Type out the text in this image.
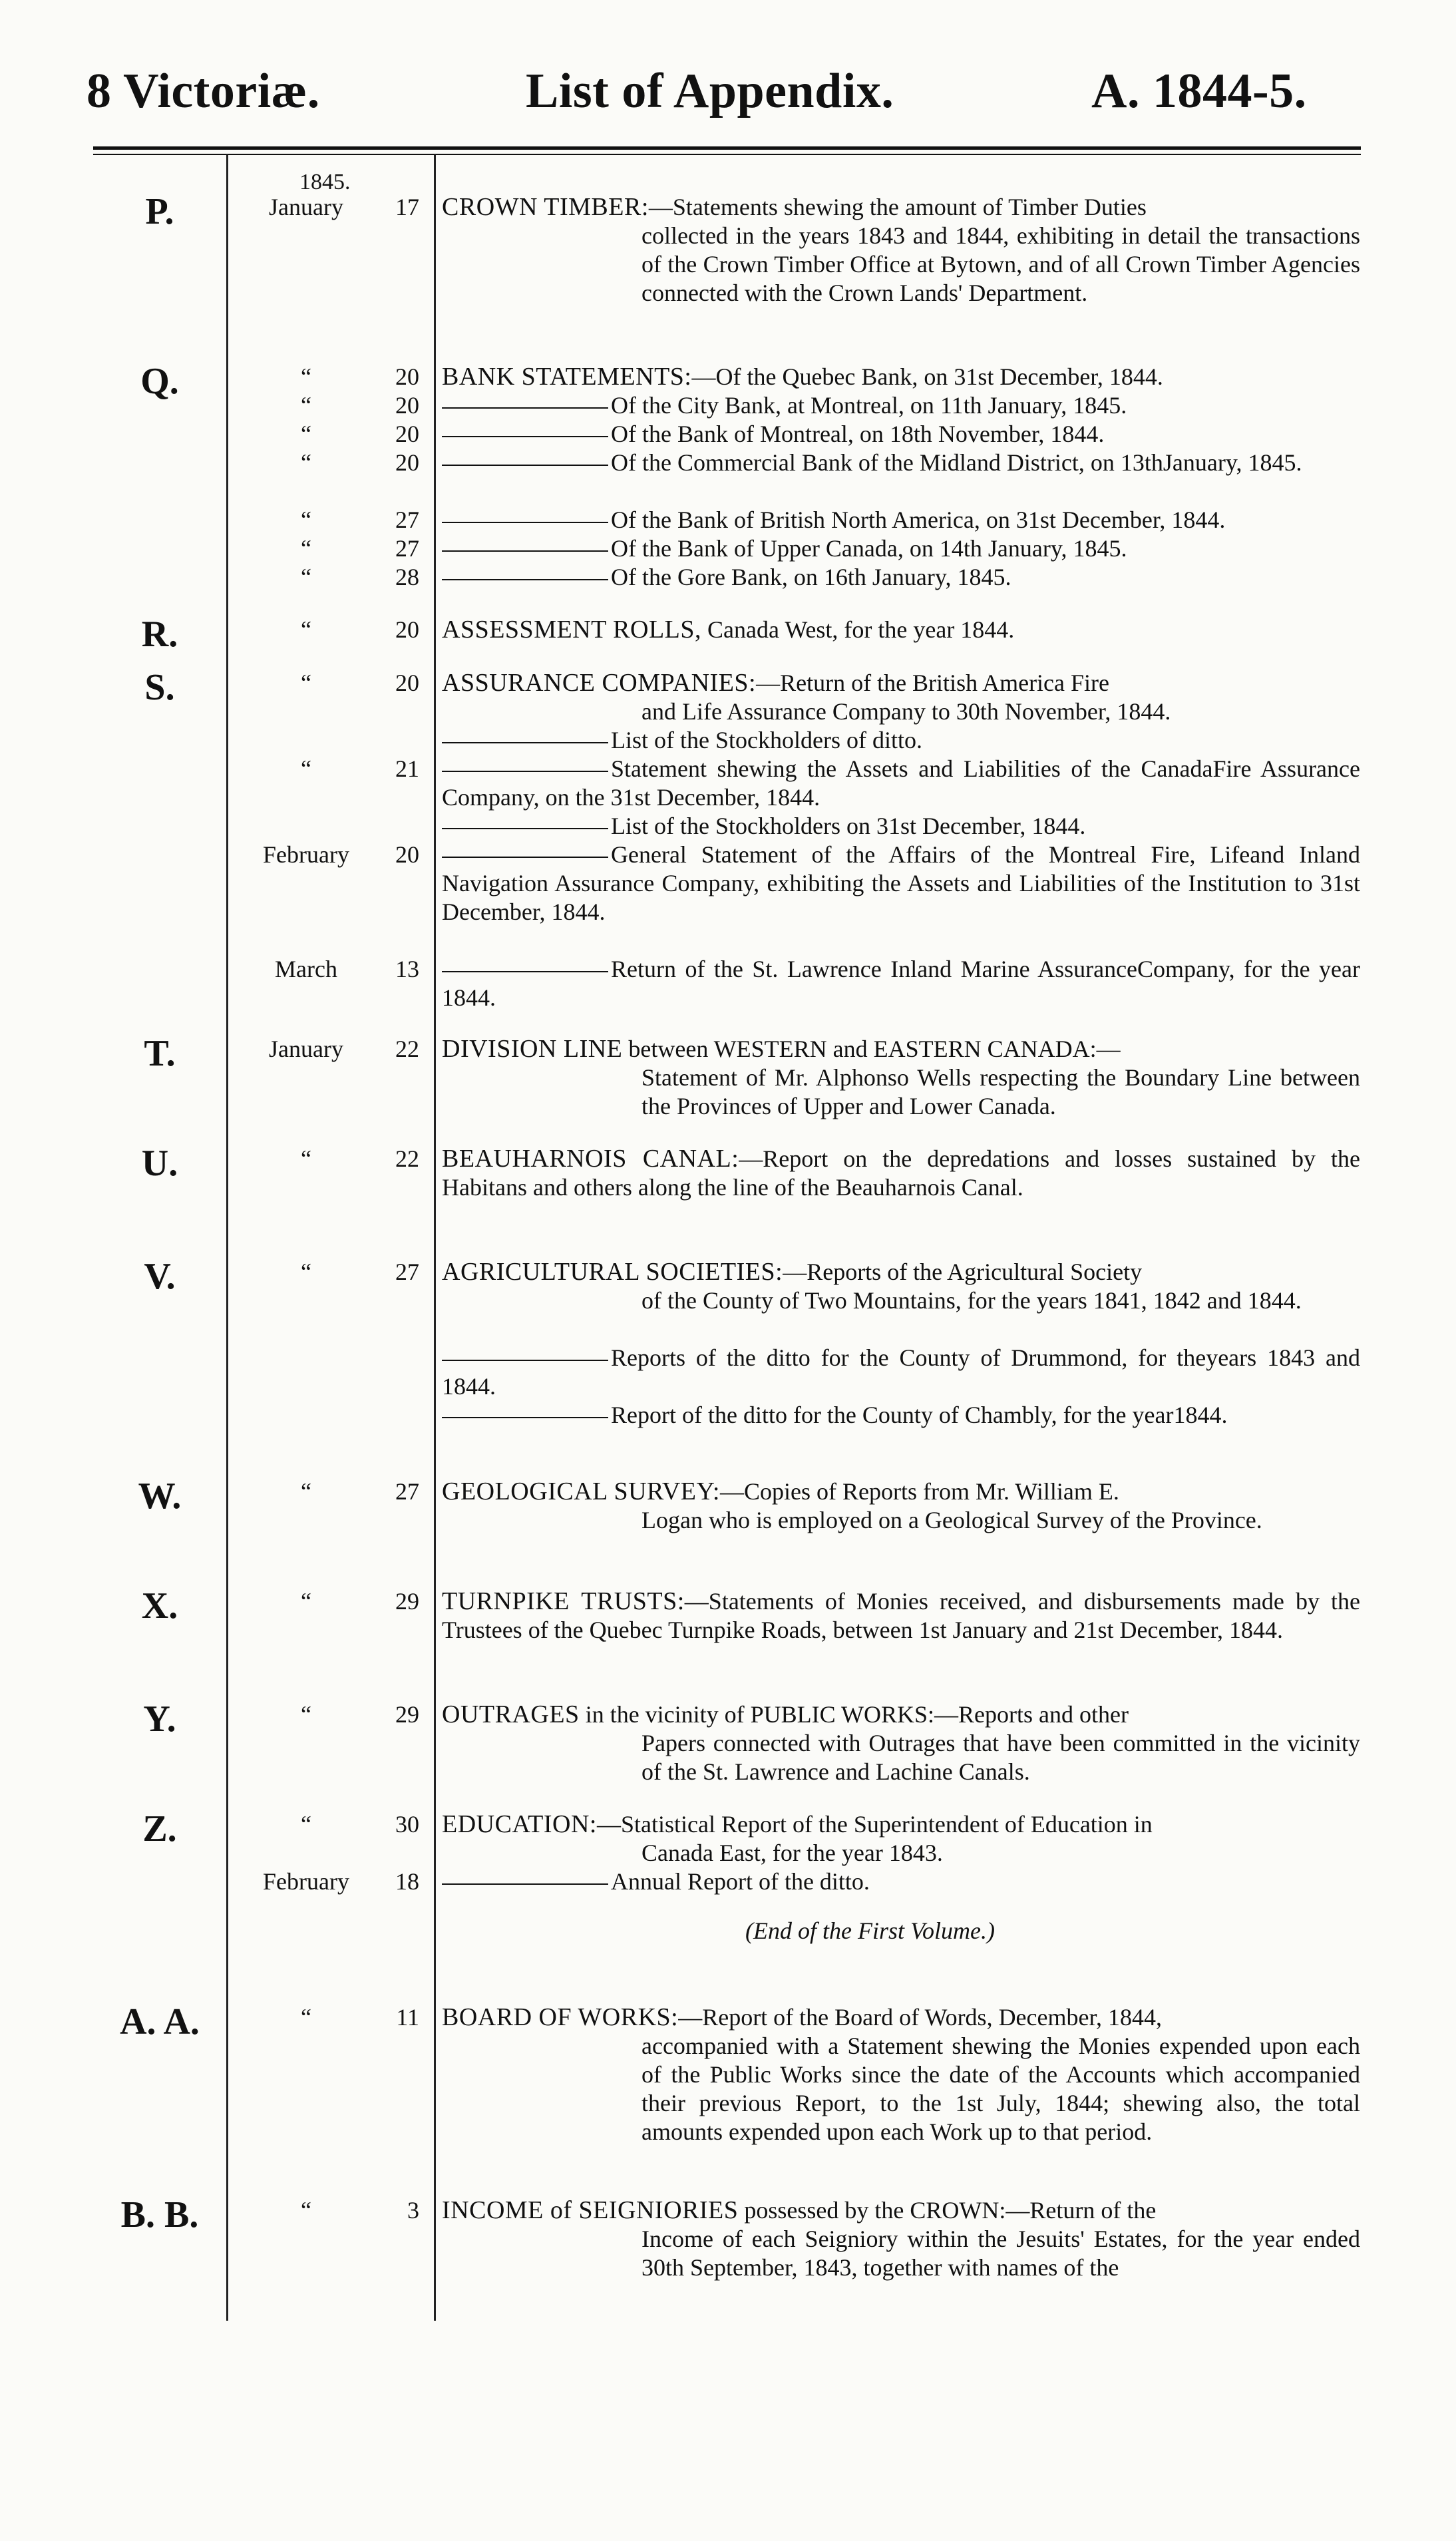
8 Victoriæ.	List of Appendix.	A. 1844-5.
1845.
P.	January	17 CROWN TIMBER:—Statements shewing the amount of Timber Duties
collected in the years 1843 and 1844, exhibiting in detail the transactions of the Crown Timber Office at Bytown, and of all Crown Timber Agencies connected with the Crown Lands' Department.
Q.	“	20 BANK STATEMENTS:—Of the Quebec Bank, on 31st December, 1844.
“	20	Of the City Bank, at Montreal, on 11th January, 1845.
“	20	Of the Bank of Montreal, on 18th November, 1844.
“	20	Of the Commercial Bank of the Midland District, on 13thJanuary, 1845.
“	27	Of the Bank of British North America, on 31st December, 1844.
“	27	Of the Bank of Upper Canada, on 14th January, 1845.
“	28	Of the Gore Bank, on 16th January, 1845.
R.	“	20 ASSESSMENT ROLLS, Canada West, for the year 1844.
S.	“	20 ASSURANCE COMPANIES:—Return of the British America Fire
and Life Assurance Company to 30th November, 1844.
List of the Stockholders of ditto.
“	21	Statement shewing the Assets and Liabilities of the CanadaFire Assurance Company, on the 31st December, 1844.
List of the Stockholders on 31st December, 1844.
February	20	General Statement of the Affairs of the Montreal Fire, Lifeand Inland Navigation Assurance Company, exhibiting the Assets and Liabilities of the Institution to 31st December, 1844.
March	13	Return of the St. Lawrence Inland Marine AssuranceCompany, for the year 1844.
T.	January	22 DIVISION LINE between WESTERN and EASTERN CANADA:—
Statement of Mr. Alphonso Wells respecting the Boundary Line between the Provinces of Upper and Lower Canada.
U.	“	22 BEAUHARNOIS CANAL:—Report on the depredations and losses sustained by the Habitans and others along the line of the Beauharnois Canal.
V.	“	27 AGRICULTURAL SOCIETIES:—Reports of the Agricultural Society
of the County of Two Mountains, for the years 1841, 1842 and 1844.
Reports of the ditto for the County of Drummond, for theyears 1843 and 1844.
Report of the ditto for the County of Chambly, for the year1844.
W.	“	27 GEOLOGICAL SURVEY:—Copies of Reports from Mr. William E.
Logan who is employed on a Geological Survey of the Province.
X.	“	29 TURNPIKE TRUSTS:—Statements of Monies received, and disbursements made by the Trustees of the Quebec Turnpike Roads, between 1st January and 21st December, 1844.
Y.	“	29 OUTRAGES in the vicinity of PUBLIC WORKS:—Reports and other
Papers connected with Outrages that have been committed in the vicinity of the St. Lawrence and Lachine Canals.
Z.	“	30 EDUCATION:—Statistical Report of the Superintendent of Education in
Canada East, for the year 1843.
February	18	Annual Report of the ditto.
(End of the First Volume.)
A. A.	“	11 BOARD OF WORKS:—Report of the Board of Words, December, 1844,
accompanied with a Statement shewing the Monies expended upon each of the Public Works since the date of the Accounts which accompanied their previous Report, to the 1st July, 1844; shewing also, the total amounts expended upon each Work up to that period.
B. B.	“	3 INCOME of SEIGNIORIES possessed by the CROWN:—Return of the
Income of each Seigniory within the Jesuits' Estates, for the year ended 30th September, 1843, together with names of the
